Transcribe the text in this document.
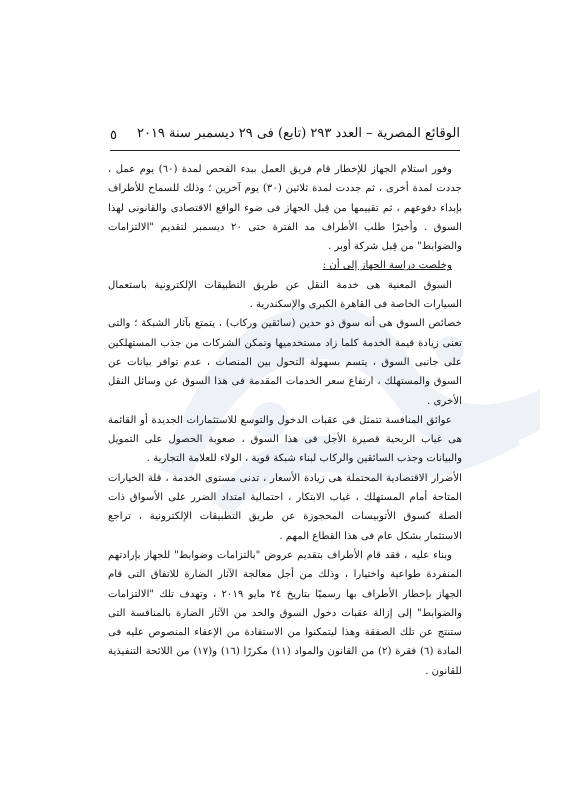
٥ الوقائع المصرية – العدد ٢٩٣ (تابع) فى ٢٩ ديسمبر سنة ٢٠١٩

وفور استلام الجهاز للإخطار قام فريق العمل ببدء الفحص لمدة (٦٠) يوم عمل ، جددت لمدة أخرى ، ثم جددت لمدة ثلاثين (٣٠) يوم آخرين ؛ وذلك للسماح للأطراف بإبداء دفوعهم ، ثم تقييمها من قِبل الجهاز فى ضوء الواقع الاقتصادى والقانونى لهذا السوق . وأخيرًا طلب الأطراف مد الفترة حتى ٢٠ ديسمبر لتقديم "الالتزامات والضوابط" من قِبل شركة أوبر .

وخلصت دراسة الجهاز إلى أن :

السوق المعنية هى خدمة النقل عن طريق التطبيقات الإلكترونية باستعمال السيارات الخاصة فى القاهرة الكبرى والإسكندرية .

خصائص السوق هى أنه سوق ذو حدين (سائقين وركاب) ، يتمتع بآثار الشبكة ؛ والتى تعنى زيادة قيمة الخدمة كلما زاد مستخدميها وتمكن الشركات من جذب المستهلكين على جانبى السوق ، يتسم بسهولة التحول بين المنصات ، عدم توافر بيانات عن السوق والمستهلك ، ارتفاع سعر الخدمات المقدمة فى هذا السوق عن وسائل النقل الأخرى .

عوائق المنافسة تتمثل فى عقبات الدخول والتوسع للاستثمارات الجديدة أو القائمة هى غياب الربحية قصيرة الأجل فى هذا السوق ، صعوبة الحصول على التمويل والبيانات وجذب السائقين والركاب لبناء شبكة قوية ، الولاء للعلامة التجارية .

الأضرار الاقتصادية المحتملة هى زيادة الأسعار ، تدنى مستوى الخدمة ، قلة الخيارات المتاحة أمام المستهلك ، غياب الابتكار ، احتمالية امتداد الضرر على الأسواق ذات الصلة كسوق الأتوبيسات المحجوزة عن طريق التطبيقات الإلكترونية ، تراجع الاستثمار بشكل عام فى هذا القطاع المهم .

وبناء عليه ، فقد قام الأطراف بتقديم عروض "بالتزامات وضوابط" للجهاز بإرادتهم المنفردة طواعية واختيارا ، وذلك من أجل معالجة الآثار الضارة للاتفاق التى قام الجهاز بإخطار الأطراف بها رسميًا بتاريخ ٢٤ مايو ٢٠١٩ ، وتهدف تلك "الالتزامات والضوابط" إلى إزالة عقبات دخول السوق والحد من الآثار الضارة بالمنافسة التى ستنتج عن تلك الصفقة وهذا ليتمكنوا من الاستفادة من الإعفاء المنصوص عليه فى المادة (٦) فقرة (٢) من القانون والمواد (١١) مكررًا (١٦) و(١٧) من اللائحة التنفيذية للقانون .
